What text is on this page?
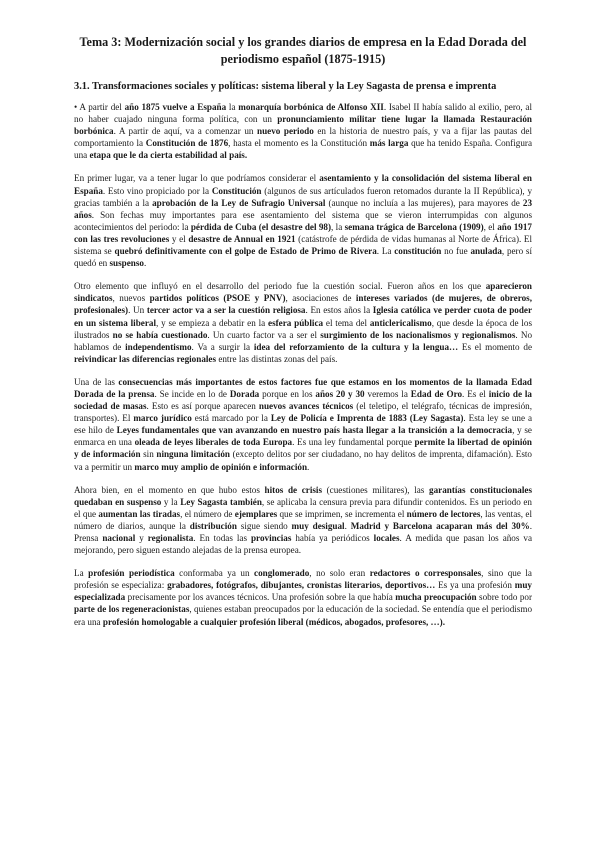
Tema 3: Modernización social y los grandes diarios de empresa en la Edad Dorada del periodismo español (1875-1915)
3.1. Transformaciones sociales y políticas: sistema liberal y la Ley Sagasta de prensa e imprenta

• A partir del año 1875 vuelve a España la monarquía borbónica de Alfonso XII. Isabel II había salido al exilio, pero, al no haber cuajado ninguna forma política, con un pronunciamiento militar tiene lugar la llamada Restauración borbónica. A partir de aquí, va a comenzar un nuevo periodo en la historia de nuestro país, y va a fijar las pautas del comportamiento la Constitución de 1876, hasta el momento es la Constitución más larga que ha tenido España. Configura una etapa que le da cierta estabilidad al país.

En primer lugar, va a tener lugar lo que podríamos considerar el asentamiento y la consolidación del sistema liberal en España. Esto vino propiciado por la Constitución (algunos de sus artículados fueron retomados durante la II República), y gracias también a la aprobación de la Ley de Sufragio Universal (aunque no incluía a las mujeres), para mayores de 23 años. Son fechas muy importantes para ese asentamiento del sistema que se vieron interrumpidas con algunos acontecimientos del periodo: la pérdida de Cuba (el desastre del 98), la semana trágica de Barcelona (1909), el año 1917 con las tres revoluciones y el desastre de Annual en 1921 (catástrofe de pérdida de vidas humanas al Norte de África). El sistema se quebró definitivamente con el golpe de Estado de Primo de Rivera. La constitución no fue anulada, pero sí quedó en suspenso.

Otro elemento que influyó en el desarrollo del periodo fue la cuestión social. Fueron años en los que aparecieron sindicatos, nuevos partidos políticos (PSOE y PNV), asociaciones de intereses variados (de mujeres, de obreros, profesionales). Un tercer actor va a ser la cuestión religiosa. En estos años la Iglesia católica ve perder cuota de poder en un sistema liberal, y se empieza a debatir en la esfera pública el tema del anticlericalismo, que desde la época de los ilustrados no se había cuestionado. Un cuarto factor va a ser el surgimiento de los nacionalismos y regionalismos. No hablamos de independentismo. Va a surgir la idea del reforzamiento de la cultura y la lengua… Es el momento de reivindicar las diferencias regionales entre las distintas zonas del país.

Una de las consecuencias más importantes de estos factores fue que estamos en los momentos de la llamada Edad Dorada de la prensa. Se incide en lo de Dorada porque en los años 20 y 30 veremos la Edad de Oro. Es el inicio de la sociedad de masas. Esto es así porque aparecen nuevos avances técnicos (el teletipo, el telégrafo, técnicas de impresión, transportes). El marco jurídico está marcado por la Ley de Policía e Imprenta de 1883 (Ley Sagasta). Esta ley se une a ese hilo de Leyes fundamentales que van avanzando en nuestro país hasta llegar a la transición a la democracia, y se enmarca en una oleada de leyes liberales de toda Europa. Es una ley fundamental porque permite la libertad de opinión y de información sin ninguna limitación (excepto delitos por ser ciudadano, no hay delitos de imprenta, difamación). Esto va a permitir un marco muy amplio de opinión e información.

Ahora bien, en el momento en que hubo estos hitos de crisis (cuestiones militares), las garantías constitucionales quedaban en suspenso y la Ley Sagasta también, se aplicaba la censura previa para difundir contenidos. Es un periodo en el que aumentan las tiradas, el número de ejemplares que se imprimen, se incrementa el número de lectores, las ventas, el número de diarios, aunque la distribución sigue siendo muy desigual. Madrid y Barcelona acaparan más del 30%. Prensa nacional y regionalista. En todas las provincias había ya periódicos locales. A medida que pasan los años va mejorando, pero siguen estando alejadas de la prensa europea.

La profesión periodística conformaba ya un conglomerado, no solo eran redactores o corresponsales, sino que la profesión se especializa: grabadores, fotógrafos, dibujantes, cronistas literarios, deportivos… Es ya una profesión muy especializada precisamente por los avances técnicos. Una profesión sobre la que había mucha preocupación sobre todo por parte de los regeneracionistas, quienes estaban preocupados por la educación de la sociedad. Se entendía que el periodismo era una profesión homologable a cualquier profesión liberal (médicos, abogados, profesores, …).
